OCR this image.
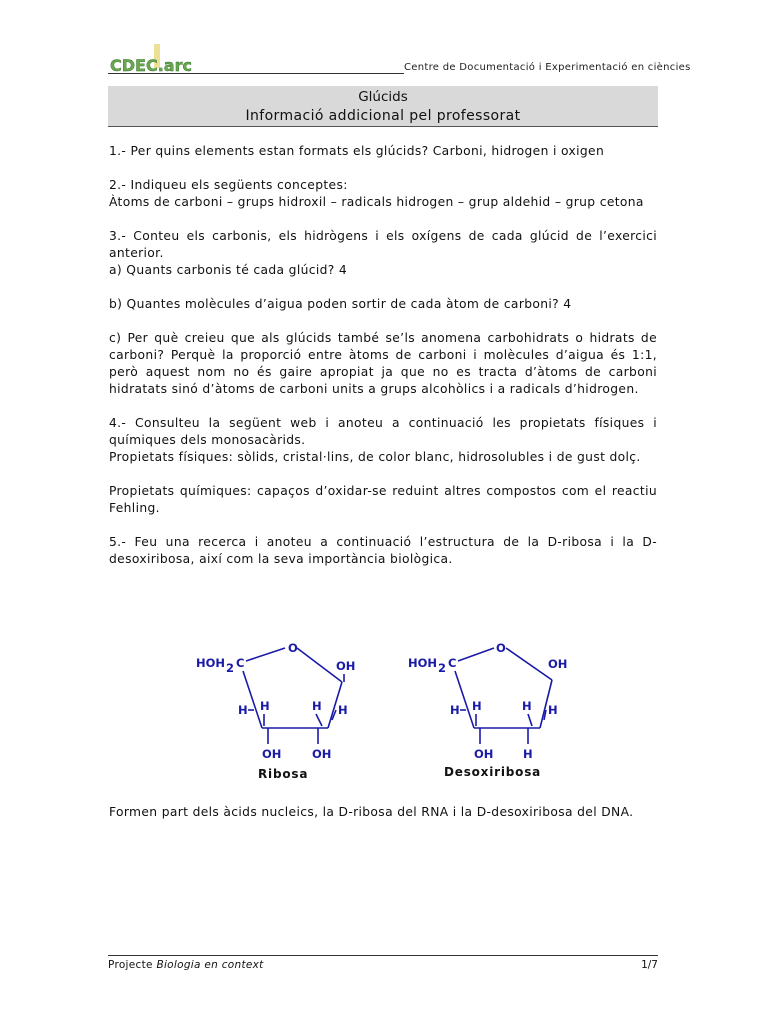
CDEC.arc	Centre de Documentació i Experimentació en ciències
Glúcids
Informació addicional pel professorat

1.- Per quins elements estan formats els glúcids? Carboni, hidrogen i oxigen

2.- Indiqueu els següents conceptes:

Àtoms de carboni – grups hidroxil – radicals hidrogen – grup aldehid – grup cetona

3.- Conteu els carbonis, els hidrògens i els oxígens de cada glúcid de l’exercici anterior.

a) Quants carbonis té cada glúcid? 4

b) Quantes molècules d’aigua poden sortir de cada àtom de carboni? 4

c) Per què creieu que als glúcids també se’ls anomena carbohidrats o hidrats de carboni? Perquè la proporció entre àtoms de carboni i molècules d’aigua és 1:1, però aquest nom no és gaire apropiat ja que no es tracta d’àtoms de carboni hidratats sinó d’àtoms de carboni units a grups alcohòlics i a radicals d’hidrogen.

4.- Consulteu la següent web i anoteu a continuació les propietats físiques i químiques dels monosacàrids.

Propietats físiques: sòlids, cristal·lins, de color blanc, hidrosolubles i de gust dolç.

Propietats químiques: capaços d’oxidar-se reduint altres compostos com el reactiu Fehling.

5.- Feu una recerca i anoteu a continuació l’estructura de la D-ribosa i la D-desoxiribosa, així com la seva importància biològica.

HOH 2 C
O
OH
H H	H H
OH	OH
Ribosa
HOH 2 C
O
OH
H H	H H
OH	H
Desoxiribosa

Formen part dels àcids nucleics, la D-ribosa del RNA i la D-desoxiribosa del DNA.

Projecte Biologia en context	1/7
